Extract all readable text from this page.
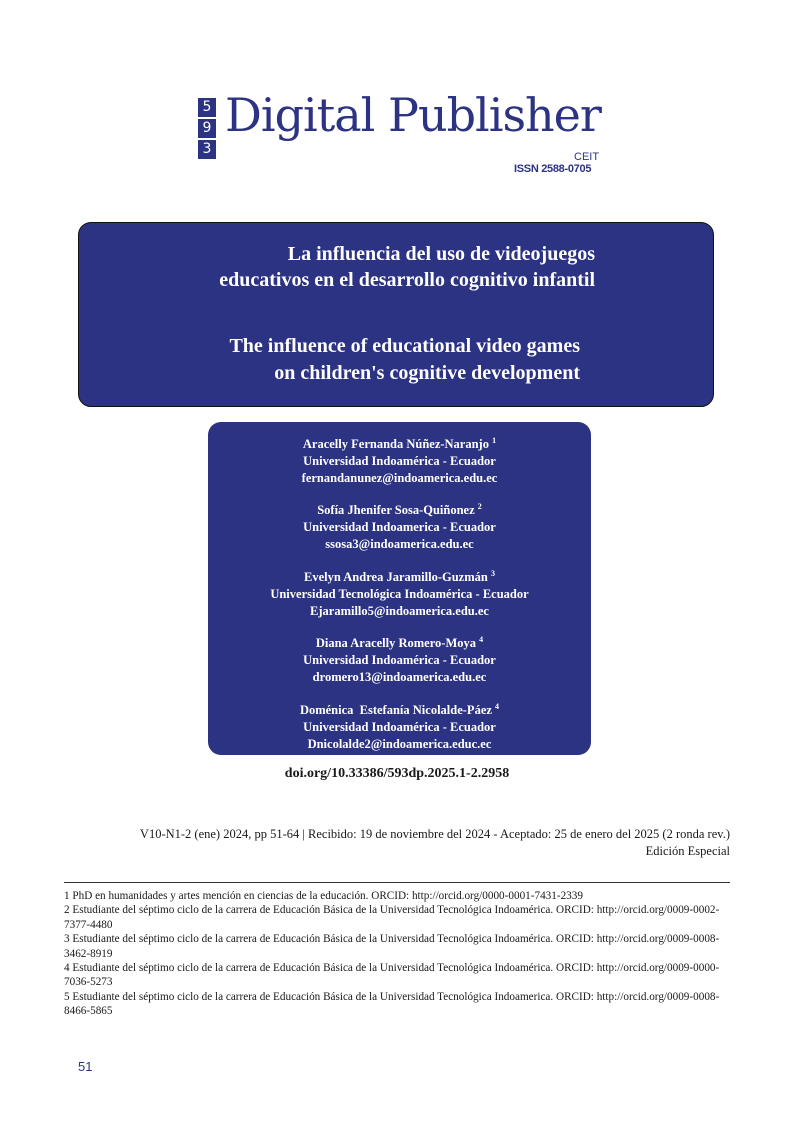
5
9
3
Digital Publisher
CEIT
ISSN 2588-0705
La influencia del uso de videojuegos
educativos en el desarrollo cognitivo infantil
The influence of educational video games
on children's cognitive development
Aracelly Fernanda Núñez-Naranjo $^1$
Universidad Indoamérica - Ecuador
fernandanunez@indoamerica.edu.ec
Sofía Jhenifer Sosa-Quiñonez $^2$
Universidad Indoamerica - Ecuador
ssosa3@indoamerica.edu.ec
Evelyn Andrea Jaramillo-Guzmán $^3$
Universidad Tecnológica Indoamérica - Ecuador
Ejaramillo5@indoamerica.edu.ec
Diana Aracelly Romero-Moya $^4$
Universidad Indoamérica - Ecuador
dromero13@indoamerica.edu.ec
Doménica  Estefanía Nicolalde-Páez $^4$
Universidad Indoamérica - Ecuador
Dnicolalde2@indoamerica.educ.ec
doi.org/10.33386/593dp.2025.1-2.2958
V10-N1-2 (ene) 2024, pp 51-64 | Recibido: 19 de noviembre del 2024 - Aceptado: 25 de enero del 2025 (2 ronda rev.)
Edición Especial

1 PhD en humanidades y artes mención en ciencias de la educación. ORCID: http://orcid.org/0000-0001-7431-2339

2 Estudiante del séptimo ciclo de la carrera de Educación Básica de la Universidad Tecnológica Indoamérica. ORCID: http://orcid.org/0009-0002-7377-4480

3 Estudiante del séptimo ciclo de la carrera de Educación Básica de la Universidad Tecnológica Indoamérica. ORCID: http://orcid.org/0009-0008-3462-8919

4 Estudiante del séptimo ciclo de la carrera de Educación Básica de la Universidad Tecnológica Indoamérica. ORCID: http://orcid.org/0009-0000-7036-5273

5 Estudiante del séptimo ciclo de la carrera de Educación Básica de la Universidad Tecnológica Indoamerica. ORCID: http://orcid.org/0009-0008-8466-5865

51
